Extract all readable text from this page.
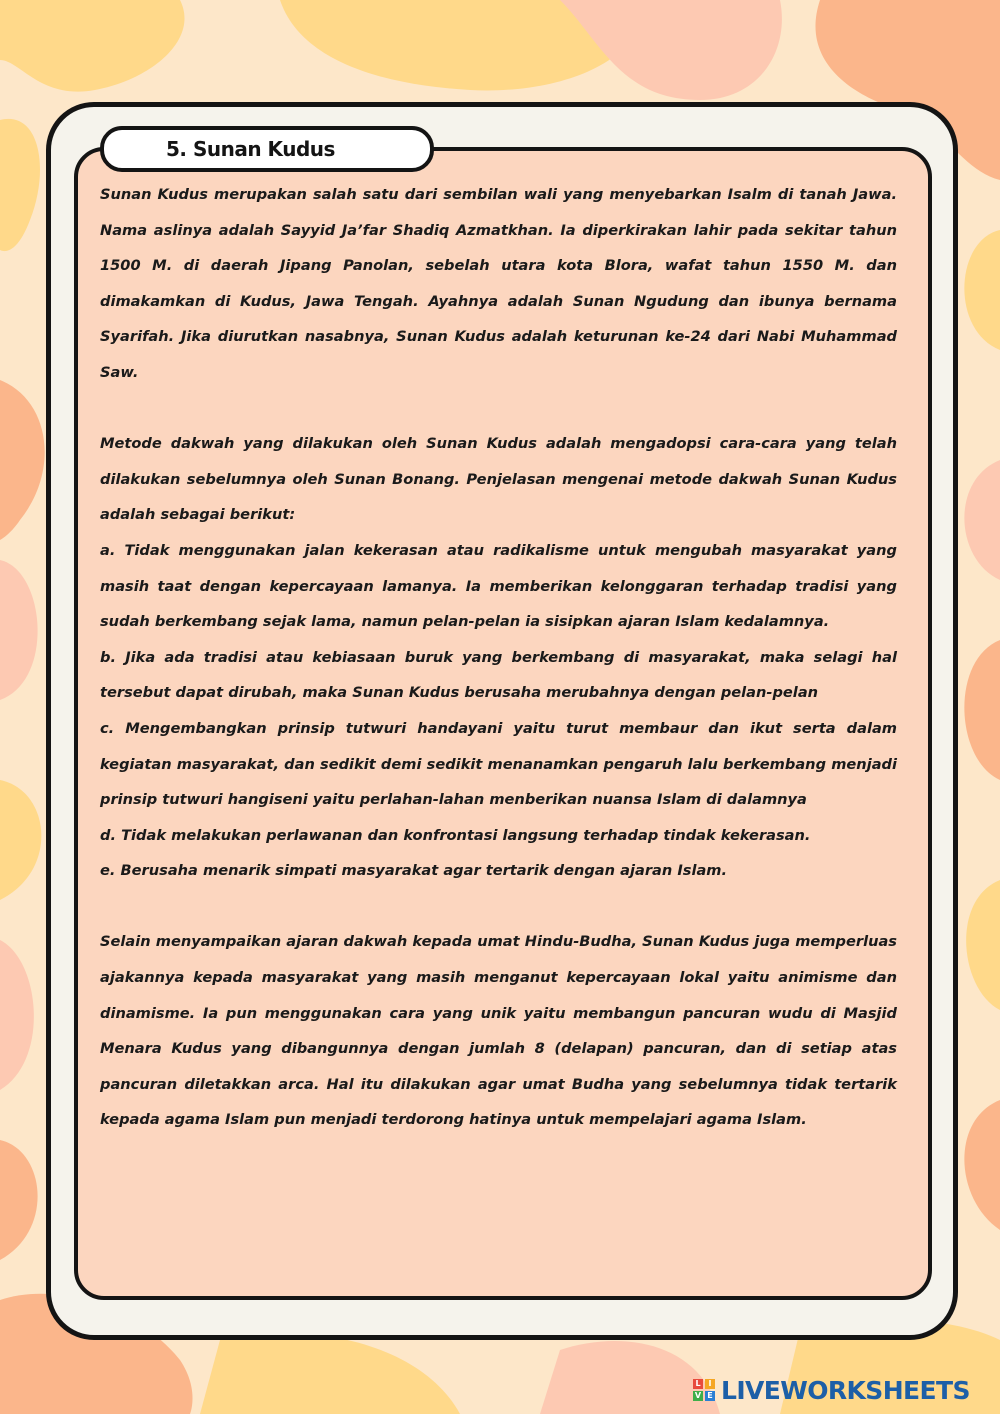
5. Sunan Kudus

Sunan Kudus merupakan salah satu dari sembilan wali yang menyebarkan Isalm di tanah Jawa. Nama aslinya adalah Sayyid Ja’far Shadiq Azmatkhan. Ia diperkirakan lahir pada sekitar tahun 1500 M. di daerah Jipang Panolan, sebelah utara kota Blora, wafat tahun 1550 M. dan dimakamkan di Kudus, Jawa Tengah. Ayahnya adalah Sunan Ngudung dan ibunya bernama Syarifah. Jika diurutkan nasabnya, Sunan Kudus adalah keturunan ke-24 dari Nabi Muhammad Saw.

Metode dakwah yang dilakukan oleh Sunan Kudus adalah mengadopsi cara-cara yang telah dilakukan sebelumnya oleh Sunan Bonang. Penjelasan mengenai metode dakwah Sunan Kudus adalah sebagai berikut:

a. Tidak menggunakan jalan kekerasan atau radikalisme untuk mengubah masyarakat yang masih taat dengan kepercayaan lamanya. Ia memberikan kelonggaran terhadap tradisi yang sudah berkembang sejak lama, namun pelan-pelan ia sisipkan ajaran Islam kedalamnya.

b. Jika ada tradisi atau kebiasaan buruk yang berkembang di masyarakat, maka selagi hal tersebut dapat dirubah, maka Sunan Kudus berusaha merubahnya dengan pelan-pelan

c. Mengembangkan prinsip tutwuri handayani yaitu turut membaur dan ikut serta dalam kegiatan masyarakat, dan sedikit demi sedikit menanamkan pengaruh lalu berkembang menjadi prinsip tutwuri hangiseni yaitu perlahan-lahan menberikan nuansa Islam di dalamnya

d. Tidak melakukan perlawanan dan konfrontasi langsung terhadap tindak kekerasan.

e. Berusaha menarik simpati masyarakat agar tertarik dengan ajaran Islam.

Selain menyampaikan ajaran dakwah kepada umat Hindu-Budha, Sunan Kudus juga memperluas ajakannya kepada masyarakat yang masih menganut kepercayaan lokal yaitu animisme dan dinamisme. Ia pun menggunakan cara yang unik yaitu membangun pancuran wudu di Masjid Menara Kudus yang dibangunnya dengan jumlah 8 (delapan) pancuran, dan di setiap atas pancuran diletakkan arca. Hal itu dilakukan agar umat Budha yang sebelumnya tidak tertarik kepada agama Islam pun menjadi terdorong hatinya untuk mempelajari agama Islam.

L I
V E LIVEWORKSHEETS
